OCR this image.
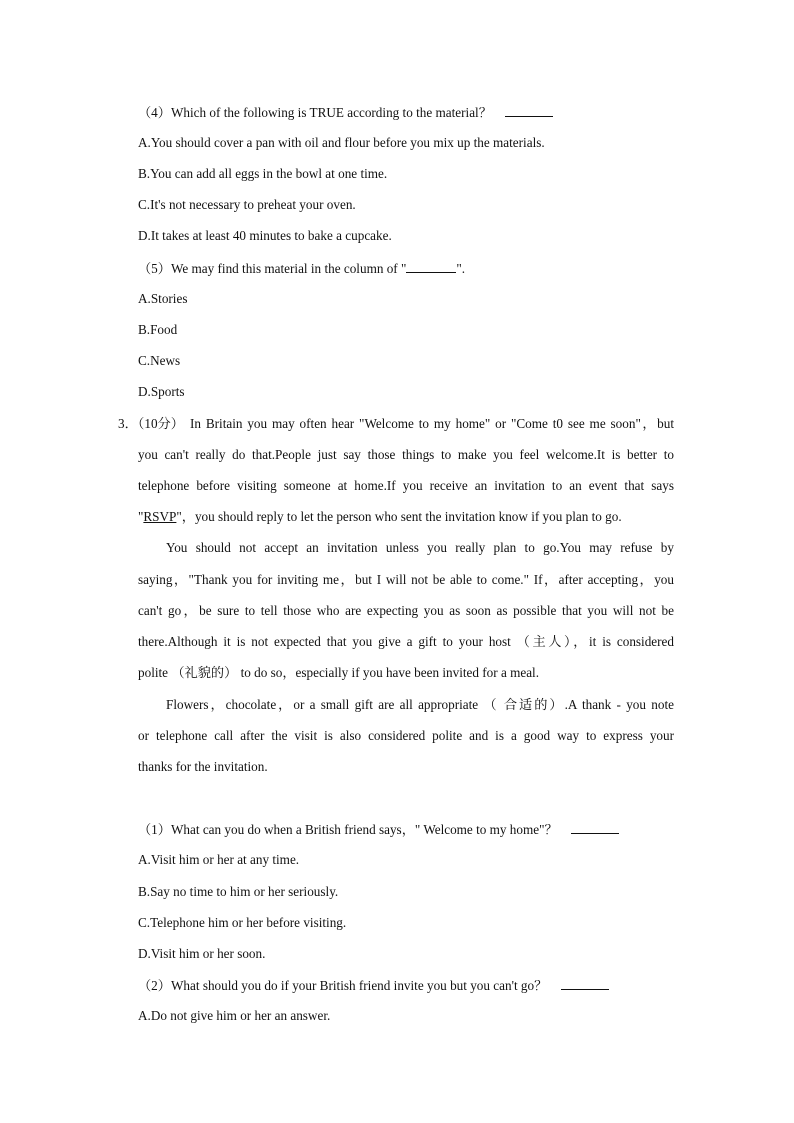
（4）Which of the following is TRUE according to the material？
A.You should cover a pan with oil and flour before you mix up the materials.
B.You can add all eggs in the bowl at one time.
C.It's not necessary to preheat your oven.
D.It takes at least 40 minutes to bake a cupcake.
（5）We may find this material in the column of "	".
A.Stories
B.Food
C.News
D.Sports
3．（10分） In Britain you may often hear "Welcome to my home" or "Come t0 see me soon"，but
you can't really do that.People just say those things to make you feel welcome.It is better to
telephone before visiting someone at home.If you receive an invitation to an event that says
"RSVP"，you should reply to let the person who sent the invitation know if you plan to go.
You should not accept an invitation unless you really plan to go.You may refuse by
saying，"Thank you for inviting me，but I will not be able to come." If，after accepting，you
can't go，be sure to tell those who are expecting you as soon as possible that you will not be
there.Although it is not expected that you give a gift to your host （主人），it is considered
polite （礼貌的） to do so，especially if you have been invited for a meal.
Flowers，chocolate，or a small gift are all appropriate （ 合适的）.A thank - you note
or telephone call after the visit is also considered polite and is a good way to express your
thanks for the invitation.
（1）What can you do when a British friend says，" Welcome to my home"？
A.Visit him or her at any time.
B.Say no time to him or her seriously.
C.Telephone him or her before visiting.
D.Visit him or her soon.
（2）What should you do if your British friend invite you but you can't go？
A.Do not give him or her an answer.
